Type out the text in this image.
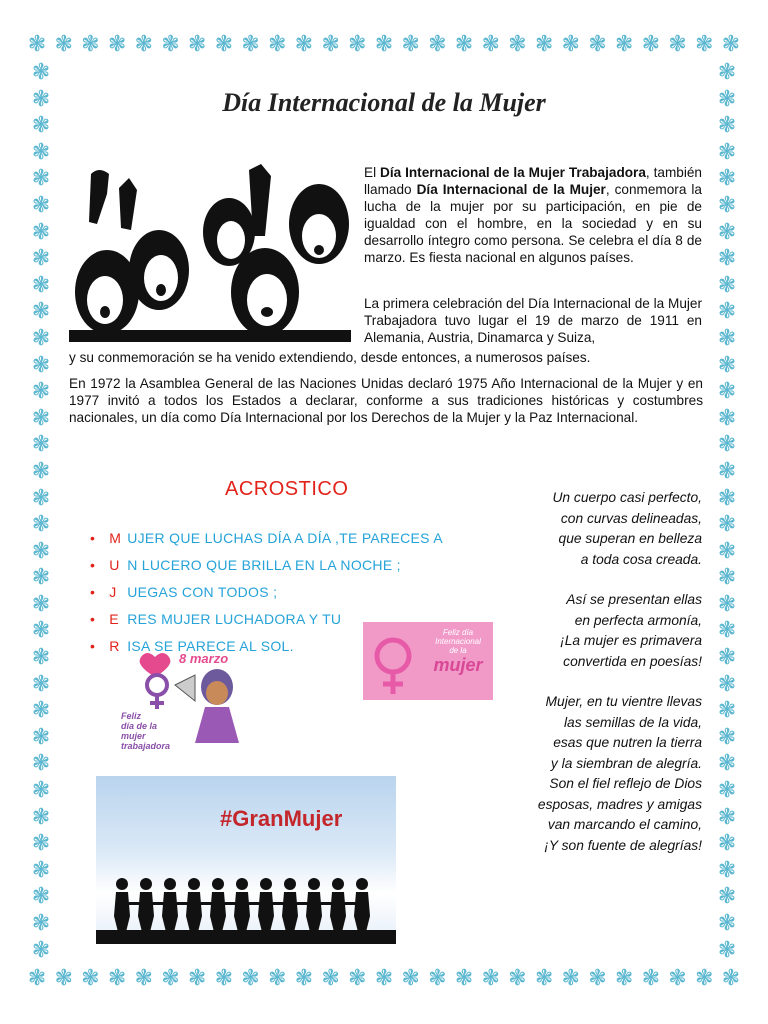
❃ ❃ ❃ ❃ ❃ ❃ ❃ ❃ ❃ ❃ ❃ ❃ ❃ ❃ ❃ ❃ ❃ ❃ ❃ ❃ ❃ ❃ ❃ ❃ ❃ ❃ ❃
❃ ❃ ❃ ❃ ❃ ❃ ❃ ❃ ❃ ❃ ❃ ❃ ❃ ❃ ❃ ❃ ❃ ❃ ❃ ❃ ❃ ❃ ❃ ❃ ❃ ❃ ❃
❃
❃
❃
❃
❃
❃
❃
❃
❃
❃
❃
❃
❃
❃
❃
❃
❃
❃
❃
❃
❃
❃
❃
❃
❃
❃
❃
❃
❃
❃
❃
❃
❃
❃
❃
❃
❃
❃
❃
❃
❃
❃
❃
❃
❃
❃
❃
❃
❃
❃
❃
❃
❃
❃
❃
❃
❃
❃
❃
❃
❃
❃
❃
❃
❃
❃
❃
❃
Día Internacional de la Mujer

El Día Internacional de la Mujer Trabajadora, también llamado Día Internacional de la Mujer, conmemora la lucha de la mujer por su participación, en pie de igualdad con el hombre, en la sociedad y en su desarrollo íntegro como persona. Se celebra el día 8 de marzo. Es fiesta nacional en algunos países.

La primera celebración del Día Internacional de la Mujer Trabajadora tuvo lugar el 19 de marzo de 1911 en Alemania, Austria, Dinamarca y Suiza,

y su conmemoración se ha venido extendiendo, desde entonces, a numerosos países.

En 1972 la Asamblea General de las Naciones Unidas declaró 1975 Año Internacional de la Mujer y en 1977 invitó a todos los Estados a declarar, conforme a sus tradiciones históricas y costumbres nacionales, un día como Día Internacional por los Derechos de la Mujer y la Paz Internacional.

ACROSTICO
• M UJER QUE LUCHAS DÍA A DÍA ,TE PARECES A
• U N LUCERO QUE BRILLA EN LA NOCHE ;
• J UEGAS CON TODOS ;
• E RES MUJER LUCHADORA Y TU
• R ISA SE PARECE AL SOL.
Feliz día
Internacional
de la
mujer
8 marzo
Feliz
día de la
mujer
trabajadora
#GranMujer
Un cuerpo casi perfecto,
con curvas delineadas,
que superan en belleza
a toda cosa creada.
Así se presentan ellas
en perfecta armonía,
¡La mujer es primavera
convertida en poesías!
Mujer, en tu vientre llevas
las semillas de la vida,
esas que nutren la tierra
y la siembran de alegría.
Son el fiel reflejo de Dios
esposas, madres y amigas
van marcando el camino,
¡Y son fuente de alegrías!
